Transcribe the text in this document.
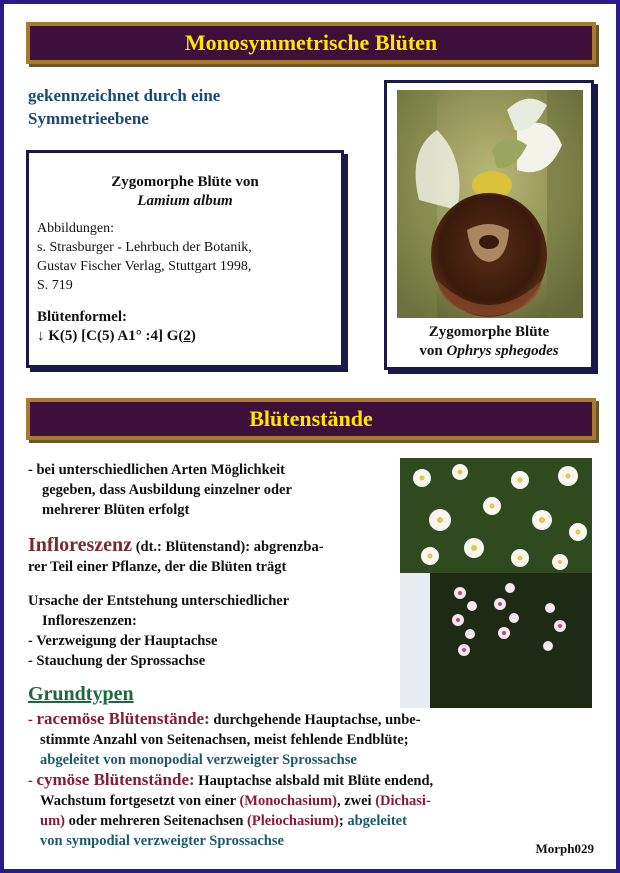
Monosymmetrische Blüten
gekennzeichnet durch eine
Symmetrieebene
Zygomorphe Blüte von
Lamium album
Abbildungen:
s. Strasburger - Lehrbuch der Botanik,
Gustav Fischer Verlag, Stuttgart 1998,
S. 719
Blütenformel:
↓ K(5) [C(5) A1° :4] G(2)	Zygomorphe Blüte
von Ophrys sphegodes
Blütenstände
- bei unterschiedlichen Arten Möglichkeit
gegeben, dass Ausbildung einzelner oder
mehrerer Blüten erfolgt
Infloreszenz (dt.: Blütenstand): abgrenzba-
rer Teil einer Pflanze, der die Blüten trägt
Ursache der Entstehung unterschiedlicher
Infloreszenzen:
- Verzweigung der Hauptachse
- Stauchung der Sprossachse
Grundtypen
- racemöse Blütenstände: durchgehende Hauptachse, unbe-
stimmte Anzahl von Seitenachsen, meist fehlende Endblüte;
abgeleitet von monopodial verzweigter Sprossachse
- cymöse Blütenstände: Hauptachse alsbald mit Blüte endend,
Wachstum fortgesetzt von einer (Monochasium), zwei (Dichasi-
um) oder mehreren Seitenachsen (Pleiochasium); abgeleitet
von sympodial verzweigter Sprossachse	Morph029
